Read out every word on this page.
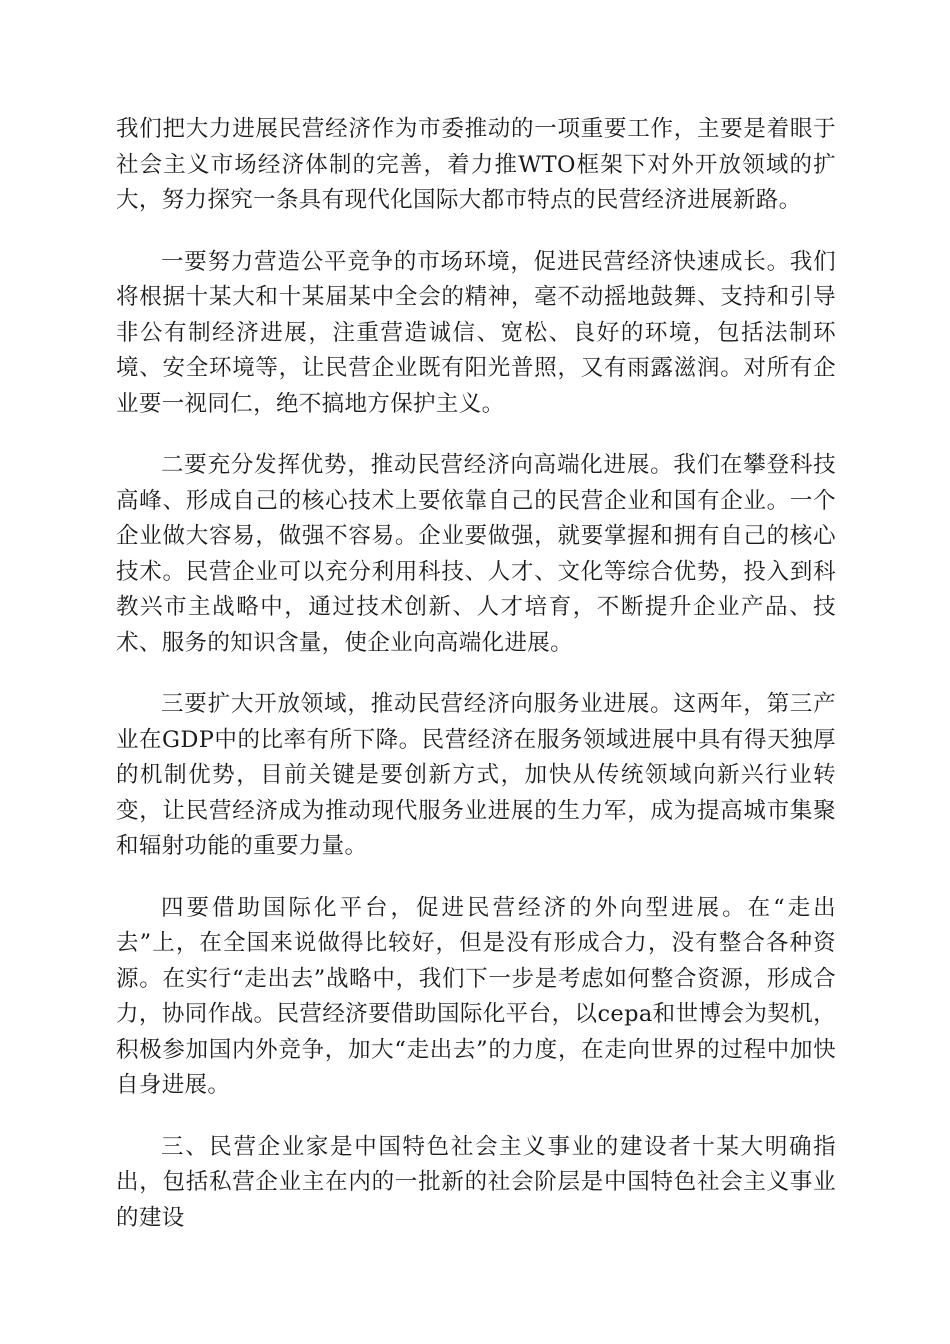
我们把大力进展民营经济作为市委推动的一项重要工作，主要是着眼于社会主义市场经济体制的完善，着力推WTO框架下对外开放领域的扩大，努力探究一条具有现代化国际大都市特点的民营经济进展新路。

一要努力营造公平竞争的市场环境，促进民营经济快速成长。我们将根据十某大和十某届某中全会的精神，毫不动摇地鼓舞、支持和引导非公有制经济进展，注重营造诚信、宽松、良好的环境，包括法制环境、安全环境等，让民营企业既有阳光普照，又有雨露滋润。对所有企业要一视同仁，绝不搞地方保护主义。

二要充分发挥优势，推动民营经济向高端化进展。我们在攀登科技高峰、形成自己的核心技术上要依靠自己的民营企业和国有企业。一个企业做大容易，做强不容易。企业要做强，就要掌握和拥有自己的核心技术。民营企业可以充分利用科技、人才、文化等综合优势，投入到科教兴市主战略中，通过技术创新、人才培育，不断提升企业产品、技术、服务的知识含量，使企业向高端化进展。

三要扩大开放领域，推动民营经济向服务业进展。这两年，第三产业在GDP中的比率有所下降。民营经济在服务领域进展中具有得天独厚的机制优势，目前关键是要创新方式，加快从传统领域向新兴行业转变，让民营经济成为推动现代服务业进展的生力军，成为提高城市集聚和辐射功能的重要力量。

四要借助国际化平台，促进民营经济的外向型进展。在“走出去”上，在全国来说做得比较好，但是没有形成合力，没有整合各种资源。在实行“走出去”战略中，我们下一步是考虑如何整合资源，形成合力，协同作战。民营经济要借助国际化平台，以cepa和世博会为契机，积极参加国内外竞争，加大“走出去”的力度，在走向世界的过程中加快自身进展。

三、民营企业家是中国特色社会主义事业的建设者十某大明确指出，包括私营企业主在内的一批新的社会阶层是中国特色社会主义事业的建设
